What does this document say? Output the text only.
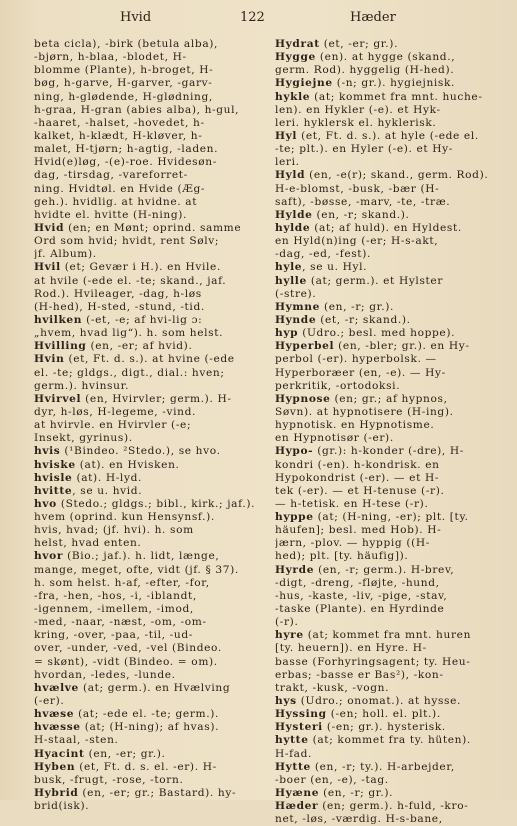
Hvid	122	Hæder
beta cicla), -birk (betula alba),
-bjørn, h-blaa, -blodet, H-
blomme (Plante), h-broget, H-
bøg, h-garve, H-garver, -garv-
ning, h-glødende, H-glødning,
h-graa, H-gran (abies alba), h-gul,
-haaret, -halset, -hovedet, h-
kalket, h-klædt, H-kløver, h-
malet, H-tjørn; h-agtig, -laden.
Hvid(e)løg, -(e)-roe. Hvidesøn-
dag, -tirsdag, -vareforret-
ning. Hvidtøl. en Hvide (Æg-
geh.). hvidlig. at hvidne. at
hvidte el. hvitte (H-ning).
Hvid (en; en Mønt; oprind. samme
Ord som hvid; hvidt, rent Sølv;
jf. Album).
Hvil (et; Gevær i H.). en Hvile.
at hvile (-ede el. -te; skand., jaf.
Rod.). Hvileager, -dag, h-løs
(H-hed), H-sted, -stund, -tid.
hvilken (-et, -e; af hvi-lig ɔ:
„hvem, hvad lig“). h. som helst.
Hvilling (en, -er; af hvid).
Hvin (et, Ft. d. s.). at hvine (-ede
el. -te; gldgs., digt., dial.: hven;
germ.). hvinsur.
Hvirvel (en, Hvirvler; germ.). H-
dyr, h-løs, H-legeme, -vind.
at hvirvle. en Hvirvler (-e;
Insekt, gyrinus).
hvis (¹Bindeo. ²Stedo.), se hvo.
hviske (at). en Hvisken.
hvisle (at). H-lyd.
hvitte, se u. hvid.
hvo (Stedo.; gldgs.; bibl., kirk.; jaf.).
hvem (oprind. kun Hensynsf.).
hvis, hvad; (jf. hvi). h. som
helst, hvad enten.
hvor (Bio.; jaf.). h. lidt, længe,
mange, meget, ofte, vidt (jf. § 37).
h. som helst. h-af, -efter, -for,
-fra, -hen, -hos, -i, -iblandt,
-igennem, -imellem, -imod,
-med, -naar, -næst, -om, -om-
kring, -over, -paa, -til, -ud-
over, -under, -ved, -vel (Bindeo.
= skønt), -vidt (Bindeo. = om).
hvordan, -ledes, -lunde.
hvælve (at; germ.). en Hvælving
(-er).
hvæse (at; -ede el. -te; germ.).
hvæsse (at; (H-ning); af hvas).
H-staal, -sten.
Hyacint (en, -er; gr.).
Hyben (et, Ft. d. s. el. -er). H-
busk, -frugt, -rose, -torn.
Hybrid (en, -er; gr.; Bastard). hy-
brid(isk).
Hydrat (et, -er; gr.).
Hygge (en). at hygge (skand.,
germ. Rod). hyggelig (H-hed).
Hygiejne (-n; gr.). hygiejnisk.
hykle (at; kommet fra mnt. huche-
len). en Hykler (-e). et Hyk-
leri. hyklersk el. hyklerisk.
Hyl (et, Ft. d. s.). at hyle (-ede el.
-te; plt.). en Hyler (-e). et Hy-
leri.
Hyld (en, -e(r); skand., germ. Rod).
H-e-blomst, -busk, -bær (H-
saft), -bøsse, -marv, -te, -træ.
Hylde (en, -r; skand.).
hylde (at; af huld). en Hyldest.
en Hyld(n)ing (-er; H-s-akt,
-dag, -ed, -fest).
hyle, se u. Hyl.
hylle (at; germ.). et Hylster
(-stre).
Hymne (en, -r; gr.).
Hynde (et, -r; skand.).
hyp (Udro.; besl. med hoppe).
Hyperbel (en, -bler; gr.). en Hy-
perbol (-er). hyperbolsk. —
Hyperboræer (en, -e). — Hy-
perkritik, -ortodoksi.
Hypnose (en; gr.; af hypnos,
Søvn). at hypnotisere (H-ing).
hypnotisk. en Hypnotisme.
en Hypnotisør (-er).
Hypo- (gr.): h-konder (-dre), H-
kondri (-en). h-kondrisk. en
Hypokondrist (-er). — et H-
tek (-er). — et H-tenuse (-r).
— h-tetisk. en H-tese (-r).
hyppe (at; (H-ning, -er); plt. [ty.
häufen]; besl. med Hob). H-
jærn, -plov. — hyppig ((H-
hed); plt. [ty. häufig]).
Hyrde (en, -r; germ.). H-brev,
-digt, -dreng, -fløjte, -hund,
-hus, -kaste, -liv, -pige, -stav,
-taske (Plante). en Hyrdinde
(-r).
hyre (at; kommet fra mnt. huren
[ty. heuern]). en Hyre. H-
basse (Forhyringsagent; ty. Heu-
erbas; -basse er Bas²), -kon-
trakt, -kusk, -vogn.
hys (Udro.; onomat.). at hysse.
Hyssing (-en; holl. el. plt.).
Hysteri (-en; gr.). hysterisk.
hytte (at; kommet fra ty. hüten).
H-fad.
Hytte (en, -r; ty.). H-arbejder,
-boer (en, -e), -tag.
Hyæne (en, -r; gr.).
Hæder (en; germ.). h-fuld, -kro-
net, -løs, -værdig. H-s-bane,
